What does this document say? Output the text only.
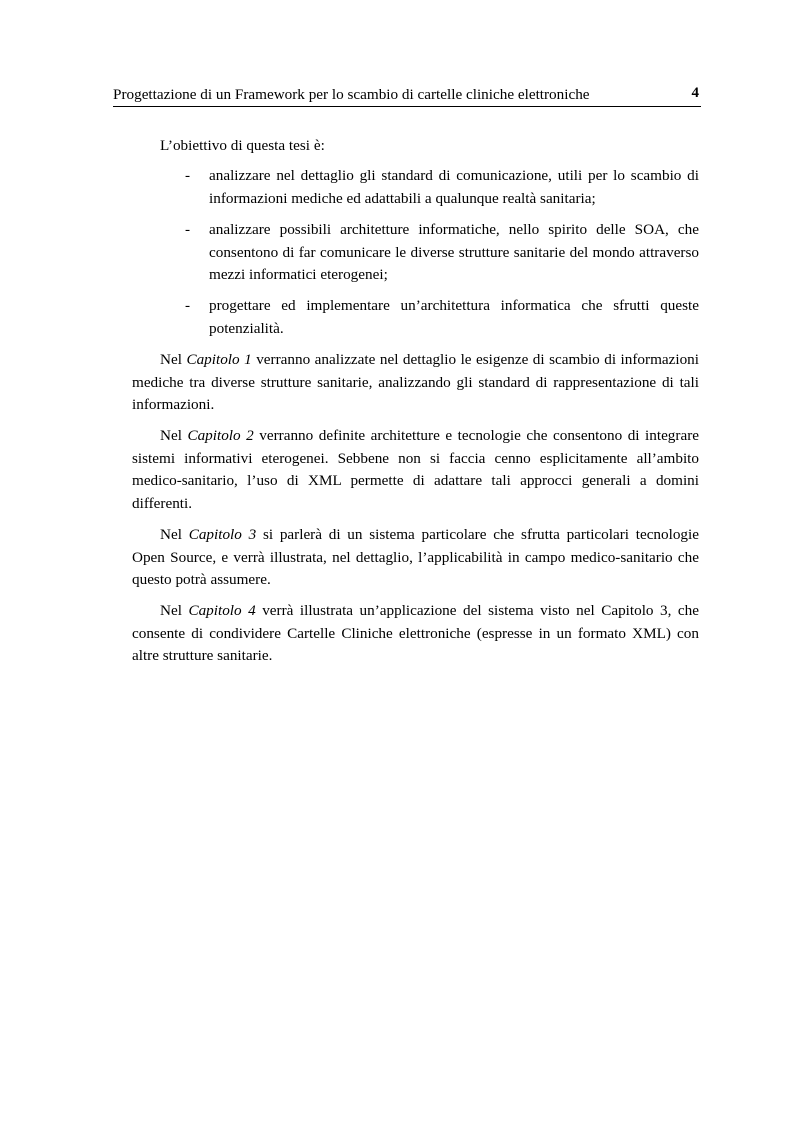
Progettazione di un Framework per lo scambio di cartelle cliniche elettroniche	4

L’obiettivo di questa tesi è:

- analizzare nel dettaglio gli standard di comunicazione, utili per lo scambio di informazioni mediche ed adattabili a qualunque realtà sanitaria;
- analizzare possibili architetture informatiche, nello spirito delle SOA, che consentono di far comunicare le diverse strutture sanitarie del mondo attraverso mezzi informatici eterogenei;
- progettare ed implementare un’architettura informatica che sfrutti queste potenzialità.

Nel Capitolo 1 verranno analizzate nel dettaglio le esigenze di scambio di informazioni mediche tra diverse strutture sanitarie, analizzando gli standard di rappresentazione di tali informazioni.

Nel Capitolo 2 verranno definite architetture e tecnologie che consentono di integrare sistemi informativi eterogenei. Sebbene non si faccia cenno esplicitamente all’ambito medico-sanitario, l’uso di XML permette di adattare tali approcci generali a domini differenti.

Nel Capitolo 3 si parlerà di un sistema particolare che sfrutta particolari tecnologie Open Source, e verrà illustrata, nel dettaglio, l’applicabilità in campo medico-sanitario che questo potrà assumere.

Nel Capitolo 4 verrà illustrata un’applicazione del sistema visto nel Capitolo 3, che consente di condividere Cartelle Cliniche elettroniche (espresse in un formato XML) con altre strutture sanitarie.
